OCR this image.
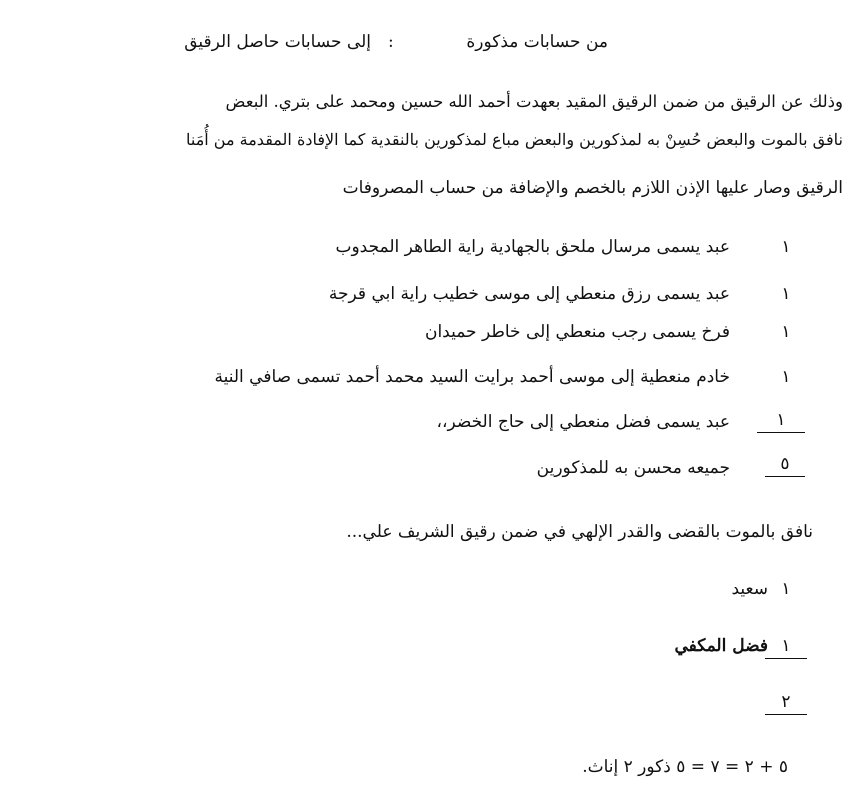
من حسابات مذكورة
:
إلى حسابات حاصل الرقيق
وذلك عن الرقيق من ضمن الرقيق المقيد بعهدت أحمد الله حسين ومحمد على بتري. البعض
نافق بالموت والبعض حُسِنْ به لمذكورين والبعض مباع لمذكورين بالنقدية كما الإفادة المقدمة من أُمَنا
الرقيق وصار عليها الإذن اللازم بالخصم والإضافة من حساب المصروفات
١
عبد يسمى مرسال ملحق بالجهادية راية الطاهر المجدوب
١
عبد يسمى رزق منعطي إلى موسى خطيب راية ابي قرجة
١
فرخ يسمى رجب منعطي إلى خاطر حميدان
١
خادم منعطية إلى موسى أحمد برايت السيد محمد أحمد تسمى صافي النية
١
عبد يسمى فضل منعطي إلى حاج الخضر،،
٥
جميعه محسن به للمذكورين
نافق بالموت بالقضى والقدر الإلهي في ضمن رقيق الشريف علي...
١
سعيد
١
فضل المكفي
٢
٥ + ٢ = ٧ = ٥ ذكور ٢ إناث.
